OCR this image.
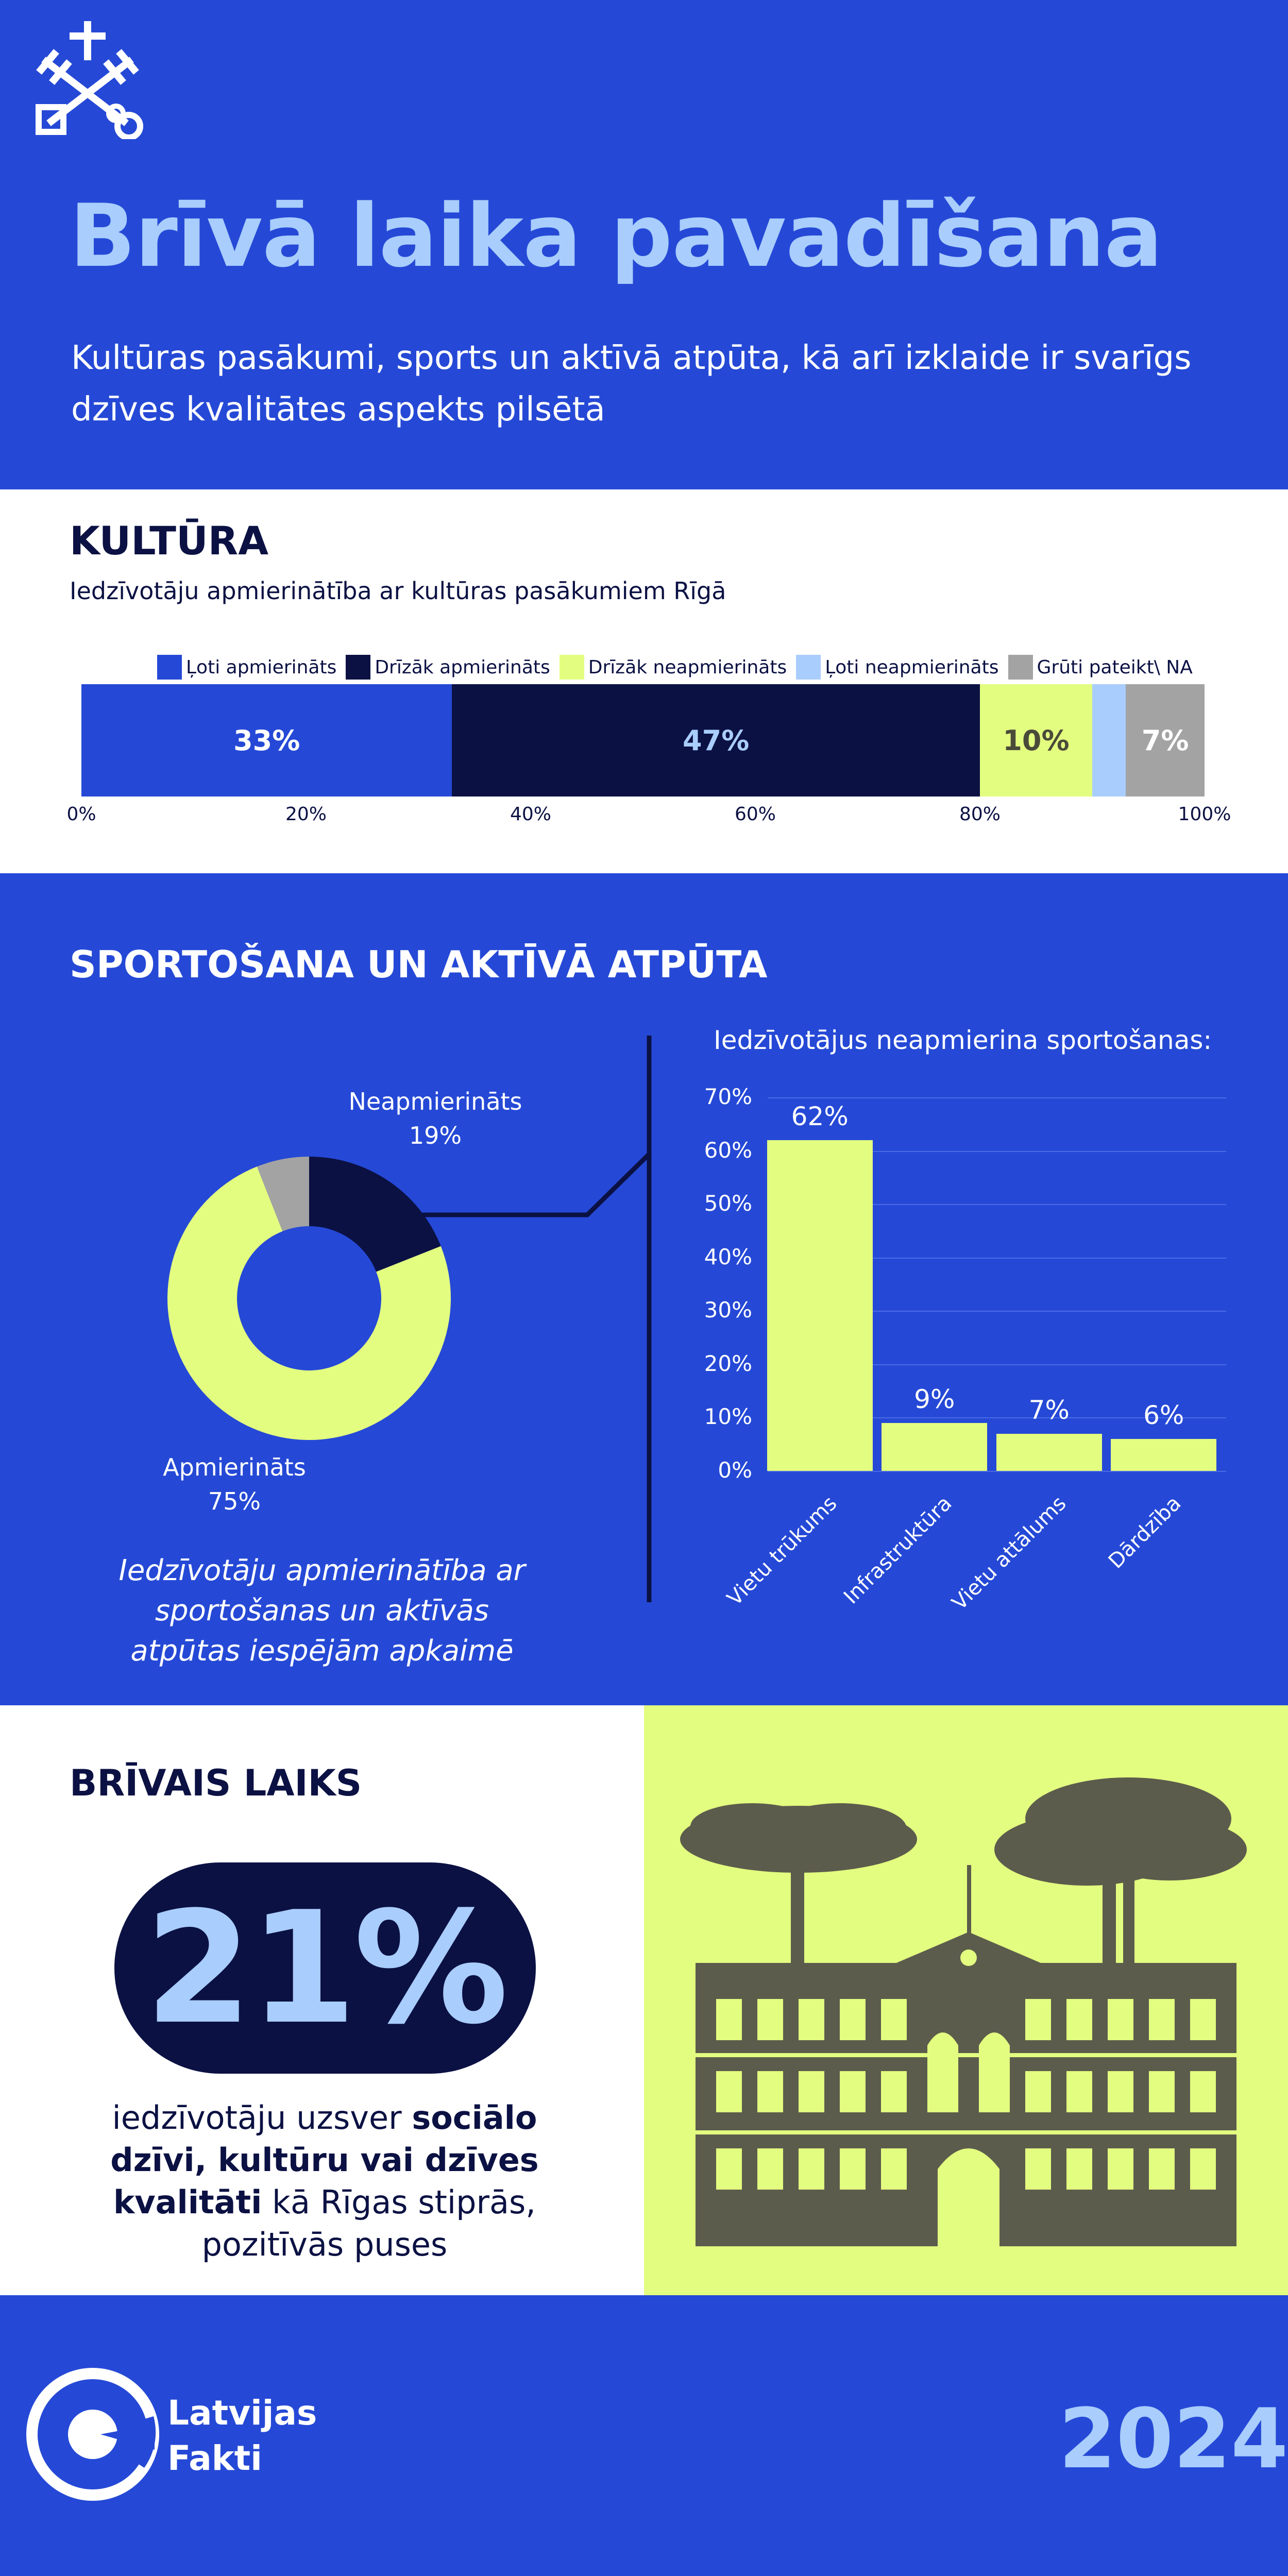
Brīvā laika pavadīšana
Kultūras pasākumi, sports un aktīvā atpūta, kā arī izklaide ir svarīgs dzīves kvalitātes aspekts pilsētā
KULTŪRA
Iedzīvotāju apmierinātība ar kultūras pasākumiem Rīgā
Ļoti apmierināts Drīzāk apmierināts Drīzāk neapmierināts Ļoti neapmierināts Grūti pateikt\ NA
33%	47%	10%	7%
0%	20%	40%	60%	80%	100%
SPORTOŠANA UN AKTĪVĀ ATPŪTA
Neapmierināts
19%
Apmierināts
75%
Iedzīvotāju apmierinātība ar sportošanas un aktīvās atpūtas iespējām apkaimē
Iedzīvotājus neapmierina sportošanas:
0%
10%
20%
30%
40%
50%
60%
70%
62%
Vietu trūkums
9%
Infrastruktūra
7%
Vietu attālums
6%
Dārdzība
BRĪVAIS LAIKS
21%
iedzīvotāju uzsver sociālo dzīvi, kultūru vai dzīves kvalitāti kā Rīgas stiprās, pozitīvās puses
Latvijas
Fakti	2024
